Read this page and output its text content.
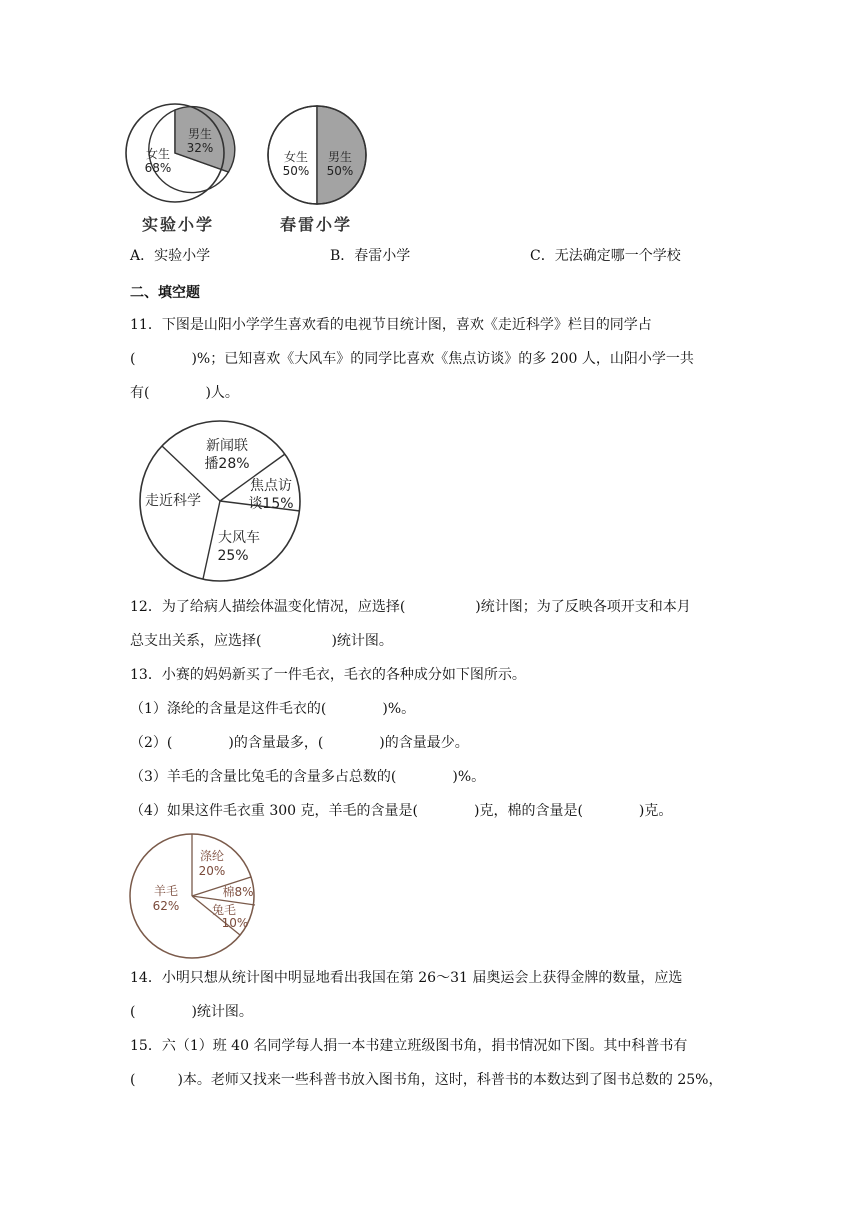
男生
32%
女生
68%
实验小学
男生
50%
女生
50%
春雷小学
A．实验小学	B．春雷小学	C．无法确定哪一个学校
二、填空题
11．下图是山阳小学学生喜欢看的电视节目统计图，喜欢《走近科学》栏目的同学占
(　　　　)%；已知喜欢《大风车》的同学比喜欢《焦点访谈》的多 200 人，山阳小学一共
有(　　　　)人。
新闻联
播28%
焦点访
谈15%
大风车
25%
走近科学
12．为了给病人描绘体温变化情况，应选择(　　　　　)统计图；为了反映各项开支和本月
总支出关系，应选择(　　　　　)统计图。
13．小赛的妈妈新买了一件毛衣，毛衣的各种成分如下图所示。
（1）涤纶的含量是这件毛衣的(　　　　)%。
（2）(　　　　)的含量最多，(　　　　)的含量最少。
（3）羊毛的含量比兔毛的含量多占总数的(　　　　)%。
（4）如果这件毛衣重 300 克，羊毛的含量是(　　　　)克，棉的含量是(　　　　)克。
涤纶
20%
棉8%
兔毛
10%
羊毛
62%
14．小明只想从统计图中明显地看出我国在第 26～31 届奥运会上获得金牌的数量，应选
(　　　　)统计图。
15．六（1）班 40 名同学每人捐一本书建立班级图书角，捐书情况如下图。其中科普书有
(　　　)本。老师又找来一些科普书放入图书角，这时，科普书的本数达到了图书总数的 25%，
